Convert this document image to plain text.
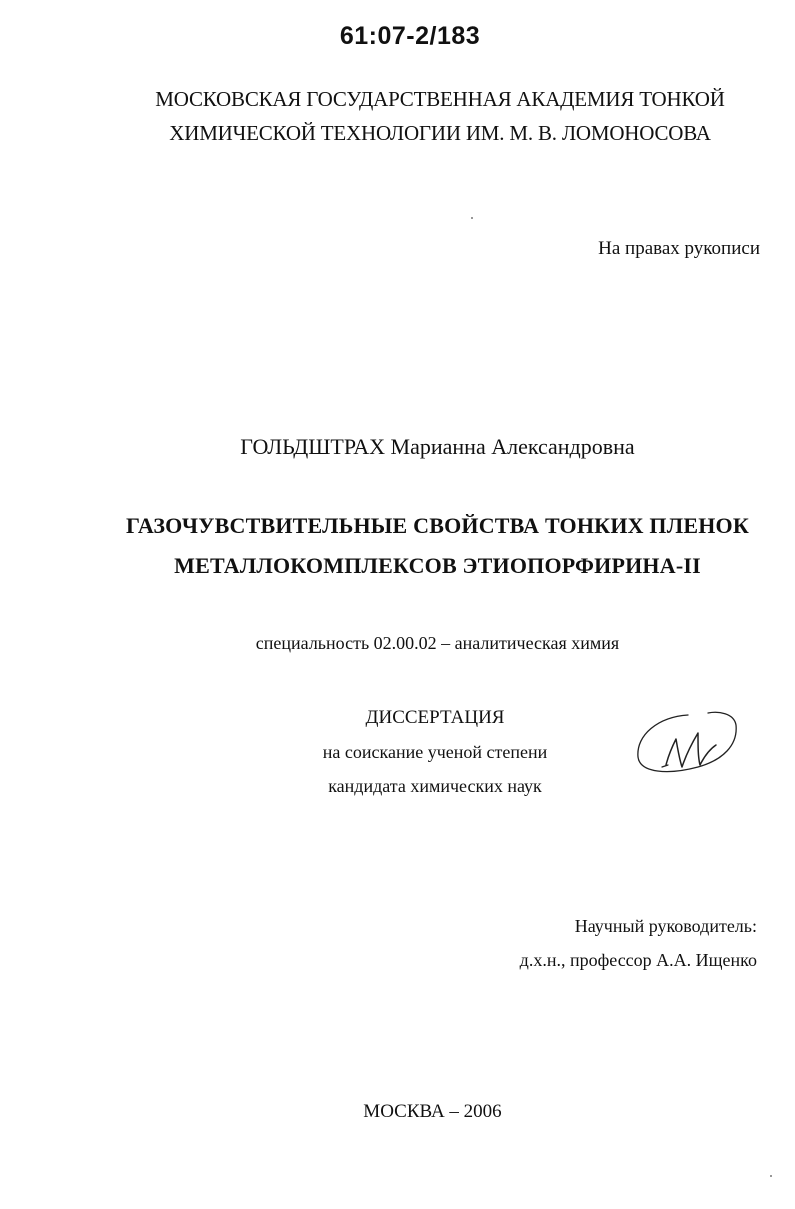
61:07-2/183
МОСКОВСКАЯ ГОСУДАРСТВЕННАЯ АКАДЕМИЯ ТОНКОЙ
ХИМИЧЕСКОЙ ТЕХНОЛОГИИ ИМ. М. В. ЛОМОНОСОВА
На правах рукописи
ГОЛЬДШТРАХ Марианна Александровна
ГАЗОЧУВСТВИТЕЛЬНЫЕ СВОЙСТВА ТОНКИХ ПЛЕНОК
МЕТАЛЛОКОМПЛЕКСОВ ЭТИОПОРФИРИНА-II
специальность 02.00.02 – аналитическая химия
ДИССЕРТАЦИЯ
на соискание ученой степени
кандидата химических наук
Научный руководитель:
д.х.н., профессор А.А. Ищенко
МОСКВА – 2006
